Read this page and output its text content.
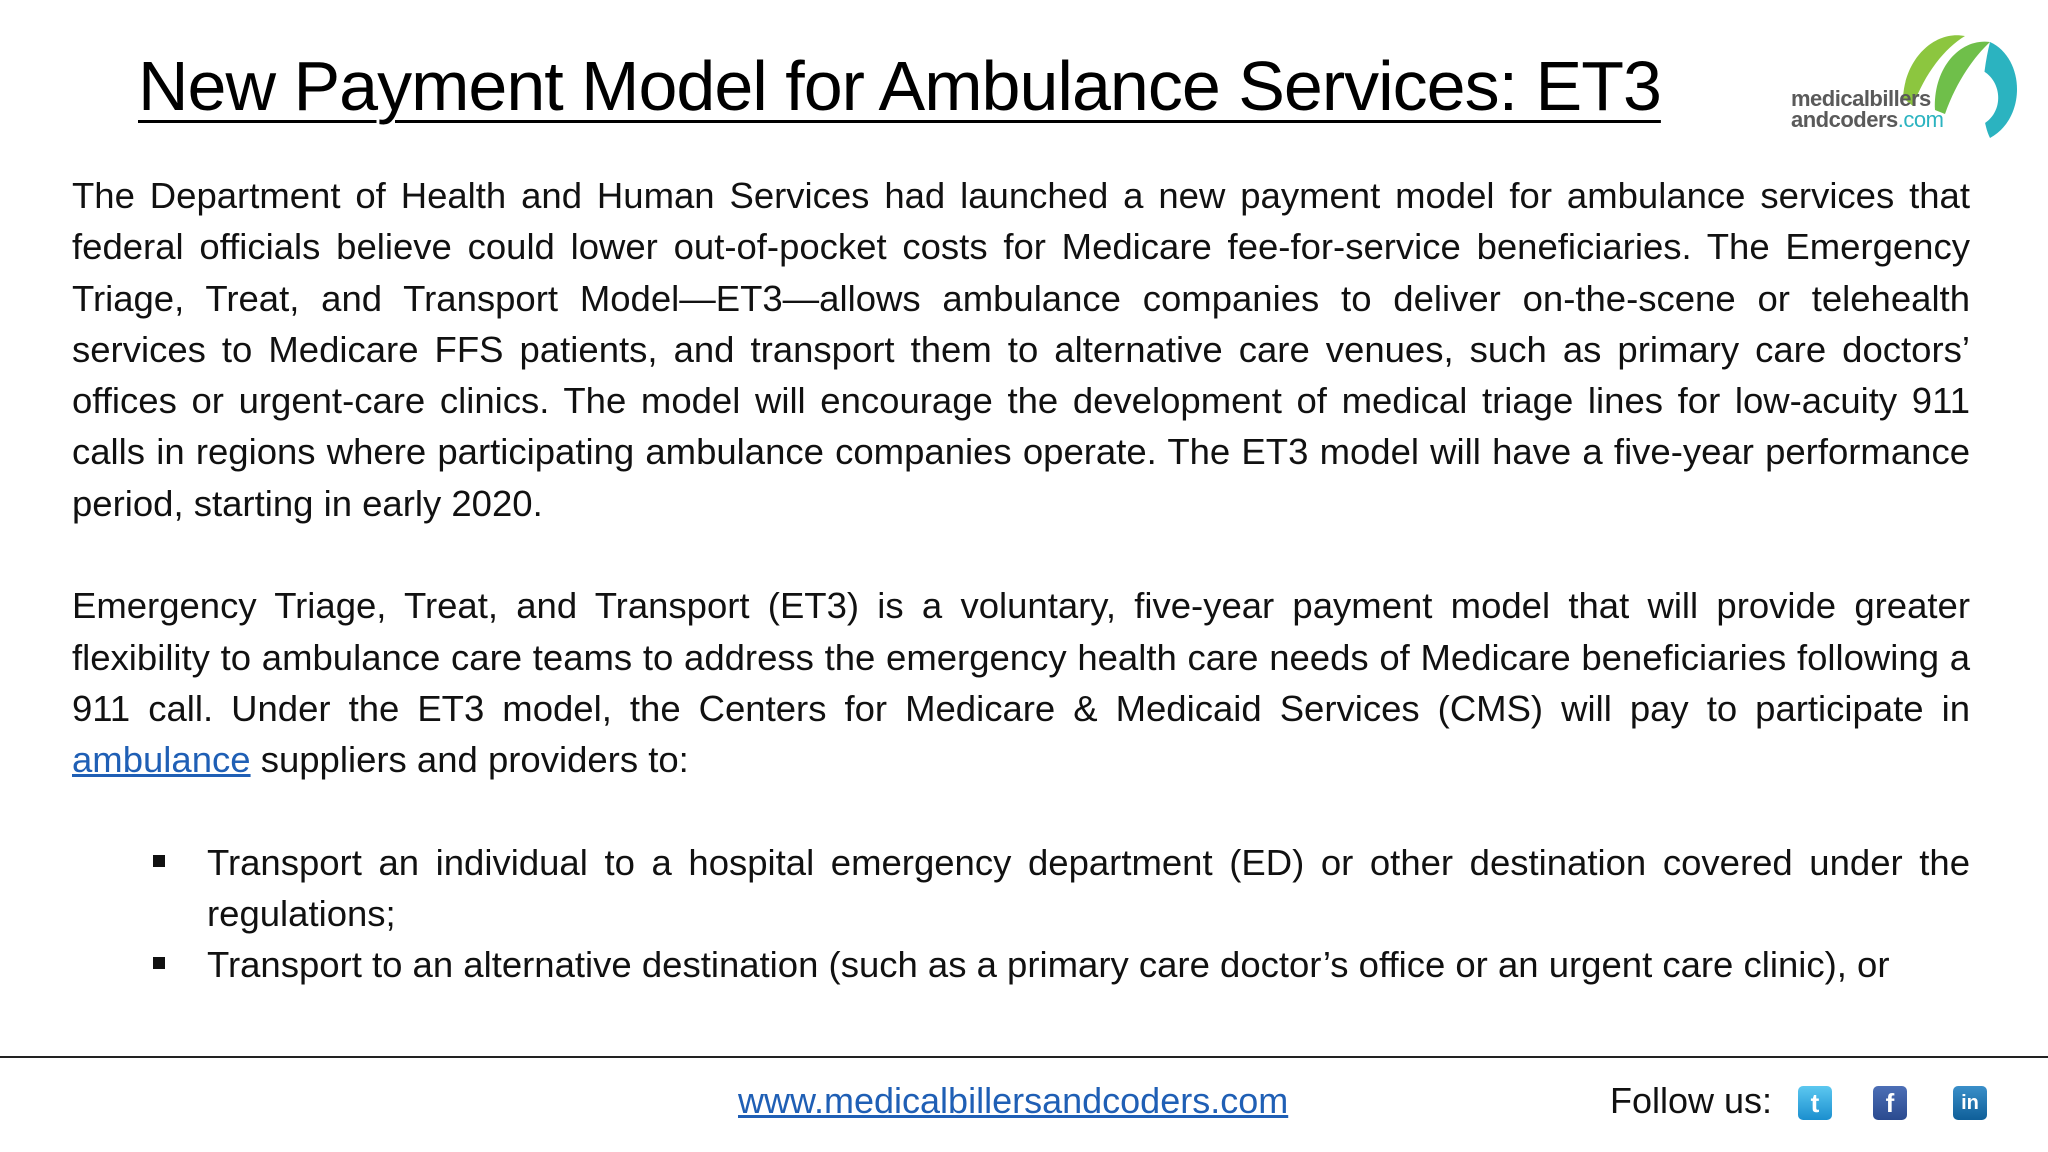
New Payment Model for Ambulance Services: ET3	medicalbillers
andcoders.com

The Department of Health and Human Services had launched a new payment model for ambulance services that federal officials believe could lower out-of-pocket costs for Medicare fee-for-service beneficiaries. The Emergency Triage, Treat, and Transport Model—ET3—allows ambulance companies to deliver on-the-scene or telehealth services to Medicare FFS patients, and transport them to alternative care venues, such as primary care doctors’ offices or urgent-care clinics. The model will encourage the development of medical triage lines for low-acuity 911 calls in regions where participating ambulance companies operate. The ET3 model will have a five-year performance period, starting in early 2020.

Emergency Triage, Treat, and Transport (ET3) is a voluntary, five-year payment model that will provide greater flexibility to ambulance care teams to address the emergency health care needs of Medicare beneficiaries following a 911 call. Under the ET3 model, the Centers for Medicare & Medicaid Services (CMS) will pay to participate in ambulance suppliers and providers to:

Transport an individual to a hospital emergency department (ED) or other destination covered under the regulations;
Transport to an alternative destination (such as a primary care doctor’s office or an urgent care clinic), or
www.medicalbillersandcoders.com	Follow us:	t	f	in
